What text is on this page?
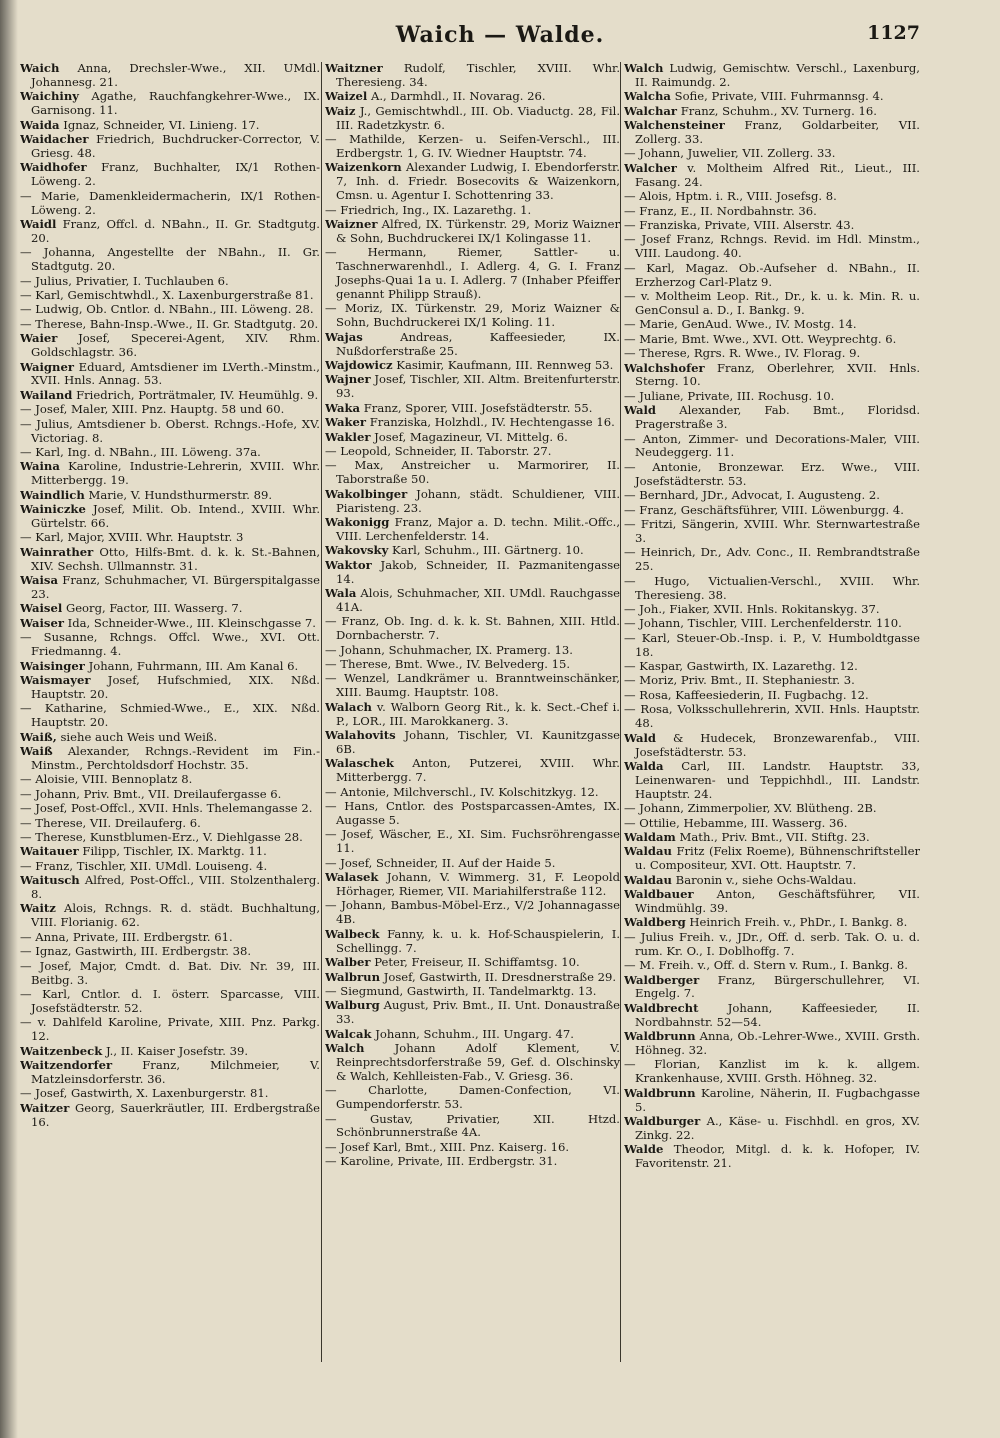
Waich — Walde.	1127
Waich Anna, Drechsler-Wwe., XII. UMdl. Johannesg. 21.
Waichiny Agathe, Rauchfangkehrer-Wwe., IX. Garnisong. 11.
Waida Ignaz, Schneider, VI. Linieng. 17.
Waidacher Friedrich, Buchdrucker-Corrector, V. Griesg. 48.
Waidhofer Franz, Buchhalter, IX/1 Rothen-Löweng. 2.
— Marie, Damenkleidermacherin, IX/1 Rothen-Löweng. 2.
Waidl Franz, Offcl. d. NBahn., II. Gr. Stadtgutg. 20.
— Johanna, Angestellte der NBahn., II. Gr. Stadtgutg. 20.
— Julius, Privatier, I. Tuchlauben 6.
— Karl, Gemischtwhdl., X. Laxenburgerstraße 81.
— Ludwig, Ob. Cntlor. d. NBahn., III. Löweng. 28.
— Therese, Bahn-Insp.-Wwe., II. Gr. Stadtgutg. 20.
Waier Josef, Specerei-Agent, XIV. Rhm. Goldschlagstr. 36.
Waigner Eduard, Amtsdiener im LVerth.-Minstm., XVII. Hnls. Annag. 53.
Wailand Friedrich, Porträtmaler, IV. Heumühlg. 9.
— Josef, Maler, XIII. Pnz. Hauptg. 58 und 60.
— Julius, Amtsdiener b. Oberst. Rchngs.-Hofe, XV. Victoriag. 8.
— Karl, Ing. d. NBahn., III. Löweng. 37a.
Waina Karoline, Industrie-Lehrerin, XVIII. Whr. Mitterbergg. 19.
Waindlich Marie, V. Hundsthurmerstr. 89.
Wainiczke Josef, Milit. Ob. Intend., XVIII. Whr. Gürtelstr. 66.
— Karl, Major, XVIII. Whr. Hauptstr. 3
Wainrather Otto, Hilfs-Bmt. d. k. k. St.-Bahnen, XIV. Sechsh. Ullmannstr. 31.
Waisa Franz, Schuhmacher, VI. Bürgerspitalgasse 23.
Waisel Georg, Factor, III. Wasserg. 7.
Waiser Ida, Schneider-Wwe., III. Kleinschgasse 7.
— Susanne, Rchngs. Offcl. Wwe., XVI. Ott. Friedmanng. 4.
Waisinger Johann, Fuhrmann, III. Am Kanal 6.
Waismayer Josef, Hufschmied, XIX. Nßd. Hauptstr. 20.
— Katharine, Schmied-Wwe., E., XIX. Nßd. Hauptstr. 20.
Waiß, siehe auch Weis und Weiß.
Waiß Alexander, Rchngs.-Revident im Fin.-Minstm., Perchtoldsdorf Hochstr. 35.
— Aloisie, VIII. Bennoplatz 8.
— Johann, Priv. Bmt., VII. Dreilaufergasse 6.
— Josef, Post-Offcl., XVII. Hnls. Thelemangasse 2.
— Therese, VII. Dreilauferg. 6.
— Therese, Kunstblumen-Erz., V. Diehlgasse 28.
Waitauer Filipp, Tischler, IX. Marktg. 11.
— Franz, Tischler, XII. UMdl. Louiseng. 4.
Waitusch Alfred, Post-Offcl., VIII. Stolzenthalerg. 8.
Waitz Alois, Rchngs. R. d. städt. Buchhaltung, VIII. Florianig. 62.
— Anna, Private, III. Erdbergstr. 61.
— Ignaz, Gastwirth, III. Erdbergstr. 38.
— Josef, Major, Cmdt. d. Bat. Div. Nr. 39, III. Beitbg. 3.
— Karl, Cntlor. d. I. österr. Sparcasse, VIII. Josefstädterstr. 52.
— v. Dahlfeld Karoline, Private, XIII. Pnz. Parkg. 12.
Waitzenbeck J., II. Kaiser Josefstr. 39.
Waitzendorfer	Franz, Milchmeier, V. Matzleinsdorferstr. 36.
— Josef, Gastwirth, X. Laxenburgerstr. 81.
Waitzer Georg, Sauerkräutler, III. Erdbergstraße 16.
Waitzner Rudolf, Tischler, XVIII. Whr. Theresieng. 34.
Waizel A., Darmhdl., II. Novarag. 26.
Waiz J., Gemischtwhdl., III. Ob. Viaductg. 28, Fil. III. Radetzkystr. 6.
— Mathilde, Kerzen- u. Seifen-Verschl., III. Erdbergstr. 1, G. IV. Wiedner Hauptstr. 74.
Waizenkorn Alexander Ludwig, I. Ebendorferstr. 7, Inh. d. Friedr. Bosecovits & Waizenkorn, Cmsn. u. Agentur I. Schottenring 33.
— Friedrich, Ing., IX. Lazarethg. 1.
Waizner Alfred, IX. Türkenstr. 29, Moriz Waizner & Sohn, Buchdruckerei IX/1 Kolingasse 11.
— Hermann, Riemer, Sattler- u. Taschnerwarenhdl., I. Adlerg. 4, G. I. Franz Josephs-Quai 1a u. I. Adlerg. 7 (Inhaber Pfeiffer genannt Philipp Strauß).
— Moriz, IX. Türkenstr. 29, Moriz Waizner & Sohn, Buchdruckerei IX/1 Koling. 11.
Wajas	Andreas, Kaffeesieder, IX. Nußdorferstraße 25.
Wajdowicz Kasimir, Kaufmann, III. Rennweg 53.
Wajner Josef, Tischler, XII. Altm. Breitenfurterstr. 93.
Waka Franz, Sporer, VIII. Josefstädterstr. 55.
Waker Franziska, Holzhdl., IV. Hechtengasse 16.
Wakler Josef, Magazineur, VI. Mittelg. 6.
— Leopold, Schneider, II. Taborstr. 27.
— Max, Anstreicher u. Marmorirer, II. Taborstraße 50.
Wakolbinger Johann, städt. Schuldiener, VIII. Piaristeng. 23.
Wakonigg Franz, Major a. D. techn. Milit.-Offc., VIII. Lerchenfelderstr. 14.
Wakovsky Karl, Schuhm., III. Gärtnerg. 10.
Waktor Jakob, Schneider, II. Pazmanitengasse 14.
Wala Alois, Schuhmacher, XII. UMdl. Rauchgasse 41A.
— Franz, Ob. Ing. d. k. k. St. Bahnen, XIII. Htld. Dornbacherstr. 7.
— Johann, Schuhmacher, IX. Pramerg. 13.
— Therese, Bmt. Wwe., IV. Belvederg. 15.
— Wenzel, Landkrämer u. Branntweinschänker, XIII. Baumg. Hauptstr. 108.
Walach v. Walborn Georg Rit., k. k. Sect.-Chef i. P., LOR., III. Marokkanerg. 3.
Walahovits Johann, Tischler, VI. Kaunitzgasse 6B.
Walaschek Anton, Putzerei, XVIII. Whr. Mitterbergg. 7.
— Antonie, Milchverschl., IV. Kolschitzkyg. 12.
— Hans, Cntlor. des Postsparcassen-Amtes, IX. Augasse 5.
— Josef, Wäscher, E., XI. Sim. Fuchsröhrengasse 11.
— Josef, Schneider, II. Auf der Haide 5.
Walasek Johann, V. Wimmerg. 31, F. Leopold Hörhager, Riemer, VII. Mariahilferstraße 112.
— Johann, Bambus-Möbel-Erz., V/2 Johannagasse 4B.
Walbeck Fanny, k. u. k. Hof-Schauspielerin, I. Schellingg. 7.
Walber Peter, Freiseur, II. Schiffamtsg. 10.
Walbrun Josef, Gastwirth, II. Dresdnerstraße 29.
— Siegmund, Gastwirth, II. Tandelmarktg. 13.
Walburg August, Priv. Bmt., II. Unt. Donaustraße 33.
Walcak Johann, Schuhm., III. Ungarg. 47.
Walch	Johann Adolf Klement, V. Reinprechtsdorferstraße 59, Gef. d. Olschinsky & Walch, Kehlleisten-Fab., V. Griesg. 36.
— Charlotte, Damen-Confection, VI. Gumpendorferstr. 53.
— Gustav, Privatier, XII. Htzd. Schönbrunnerstraße 4A.
— Josef Karl, Bmt., XIII. Pnz. Kaiserg. 16.
— Karoline, Private, III. Erdbergstr. 31.
Walch Ludwig, Gemischtw. Verschl., Laxenburg, II. Raimundg. 2.
Walcha Sofie, Private, VIII. Fuhrmannsg. 4.
Walchar Franz, Schuhm., XV. Turnerg. 16.
Walchensteiner Franz, Goldarbeiter, VII. Zollerg. 33.
— Johann, Juwelier, VII. Zollerg. 33.
Walcher v. Moltheim Alfred Rit., Lieut., III. Fasang. 24.
— Alois, Hptm. i. R., VIII. Josefsg. 8.
— Franz, E., II. Nordbahnstr. 36.
— Franziska, Private, VIII. Alserstr. 43.
— Josef Franz, Rchngs. Revid. im Hdl. Minstm., VIII. Laudong. 40.
— Karl, Magaz. Ob.-Aufseher d. NBahn., II. Erzherzog Carl-Platz 9.
— v. Moltheim Leop. Rit., Dr., k. u. k. Min. R. u. GenConsul a. D., I. Bankg. 9.
— Marie, GenAud. Wwe., IV. Mostg. 14.
— Marie, Bmt. Wwe., XVI. Ott. Weyprechtg. 6.
— Therese, Rgrs. R. Wwe., IV. Florag. 9.
Walchshofer Franz, Oberlehrer, XVII. Hnls. Sterng. 10.
— Juliane, Private, III. Rochusg. 10.
Wald Alexander, Fab. Bmt., Floridsd. Pragerstraße 3.
— Anton, Zimmer- und Decorations-Maler, VIII. Neudeggerg. 11.
— Antonie, Bronzewar. Erz. Wwe., VIII. Josefstädterstr. 53.
— Bernhard, JDr., Advocat, I. Augusteng. 2.
— Franz, Geschäftsführer, VIII. Löwenburgg. 4.
— Fritzi, Sängerin, XVIII. Whr. Sternwartestraße 3.
— Heinrich, Dr., Adv. Conc., II. Rembrandtstraße 25.
— Hugo, Victualien-Verschl., XVIII. Whr. Theresieng. 38.
— Joh., Fiaker, XVII. Hnls. Rokitanskyg. 37.
— Johann, Tischler, VIII. Lerchenfelderstr. 110.
— Karl, Steuer-Ob.-Insp. i. P., V. Humboldtgasse 18.
— Kaspar, Gastwirth, IX. Lazarethg. 12.
— Moriz, Priv. Bmt., II. Stephaniestr. 3.
— Rosa, Kaffeesiederin, II. Fugbachg. 12.
— Rosa, Volksschullehrerin, XVII. Hnls. Hauptstr. 48.
Wald & Hudecek, Bronzewarenfab., VIII. Josefstädterstr. 53.
Walda Carl, III. Landstr. Hauptstr. 33, Leinenwaren- und Teppichhdl., III. Landstr. Hauptstr. 24.
— Johann, Zimmerpolier, XV. Blütheng. 2B.
— Ottilie, Hebamme, III. Wasserg. 36.
Waldam Math., Priv. Bmt., VII. Stiftg. 23.
Waldau Fritz (Felix Roeme), Bühnenschriftsteller u. Compositeur, XVI. Ott. Hauptstr. 7.
Waldau Baronin v., siehe Ochs-Waldau.
Waldbauer Anton, Geschäftsführer, VII. Windmühlg. 39.
Waldberg Heinrich Freih. v., PhDr., I. Bankg. 8.
— Julius Freih. v., JDr., Off. d. serb. Tak. O. u. d. rum. Kr. O., I. Doblhoffg. 7.
— M. Freih. v., Off. d. Stern v. Rum., I. Bankg. 8.
Waldberger Franz, Bürgerschullehrer, VI. Engelg. 7.
Waldbrecht	Johann, Kaffeesieder, II. Nordbahnstr. 52—54.
Waldbrunn Anna, Ob.-Lehrer-Wwe., XVIII. Grsth. Höhneg. 32.
— Florian, Kanzlist im k. k. allgem. Krankenhause, XVIII. Grsth. Höhneg. 32.
Waldbrunn Karoline, Näherin, II. Fugbachgasse 5.
Waldburger A., Käse- u. Fischhdl. en gros, XV. Zinkg. 22.
Walde Theodor, Mitgl. d. k. k. Hofoper, IV. Favoritenstr. 21.
